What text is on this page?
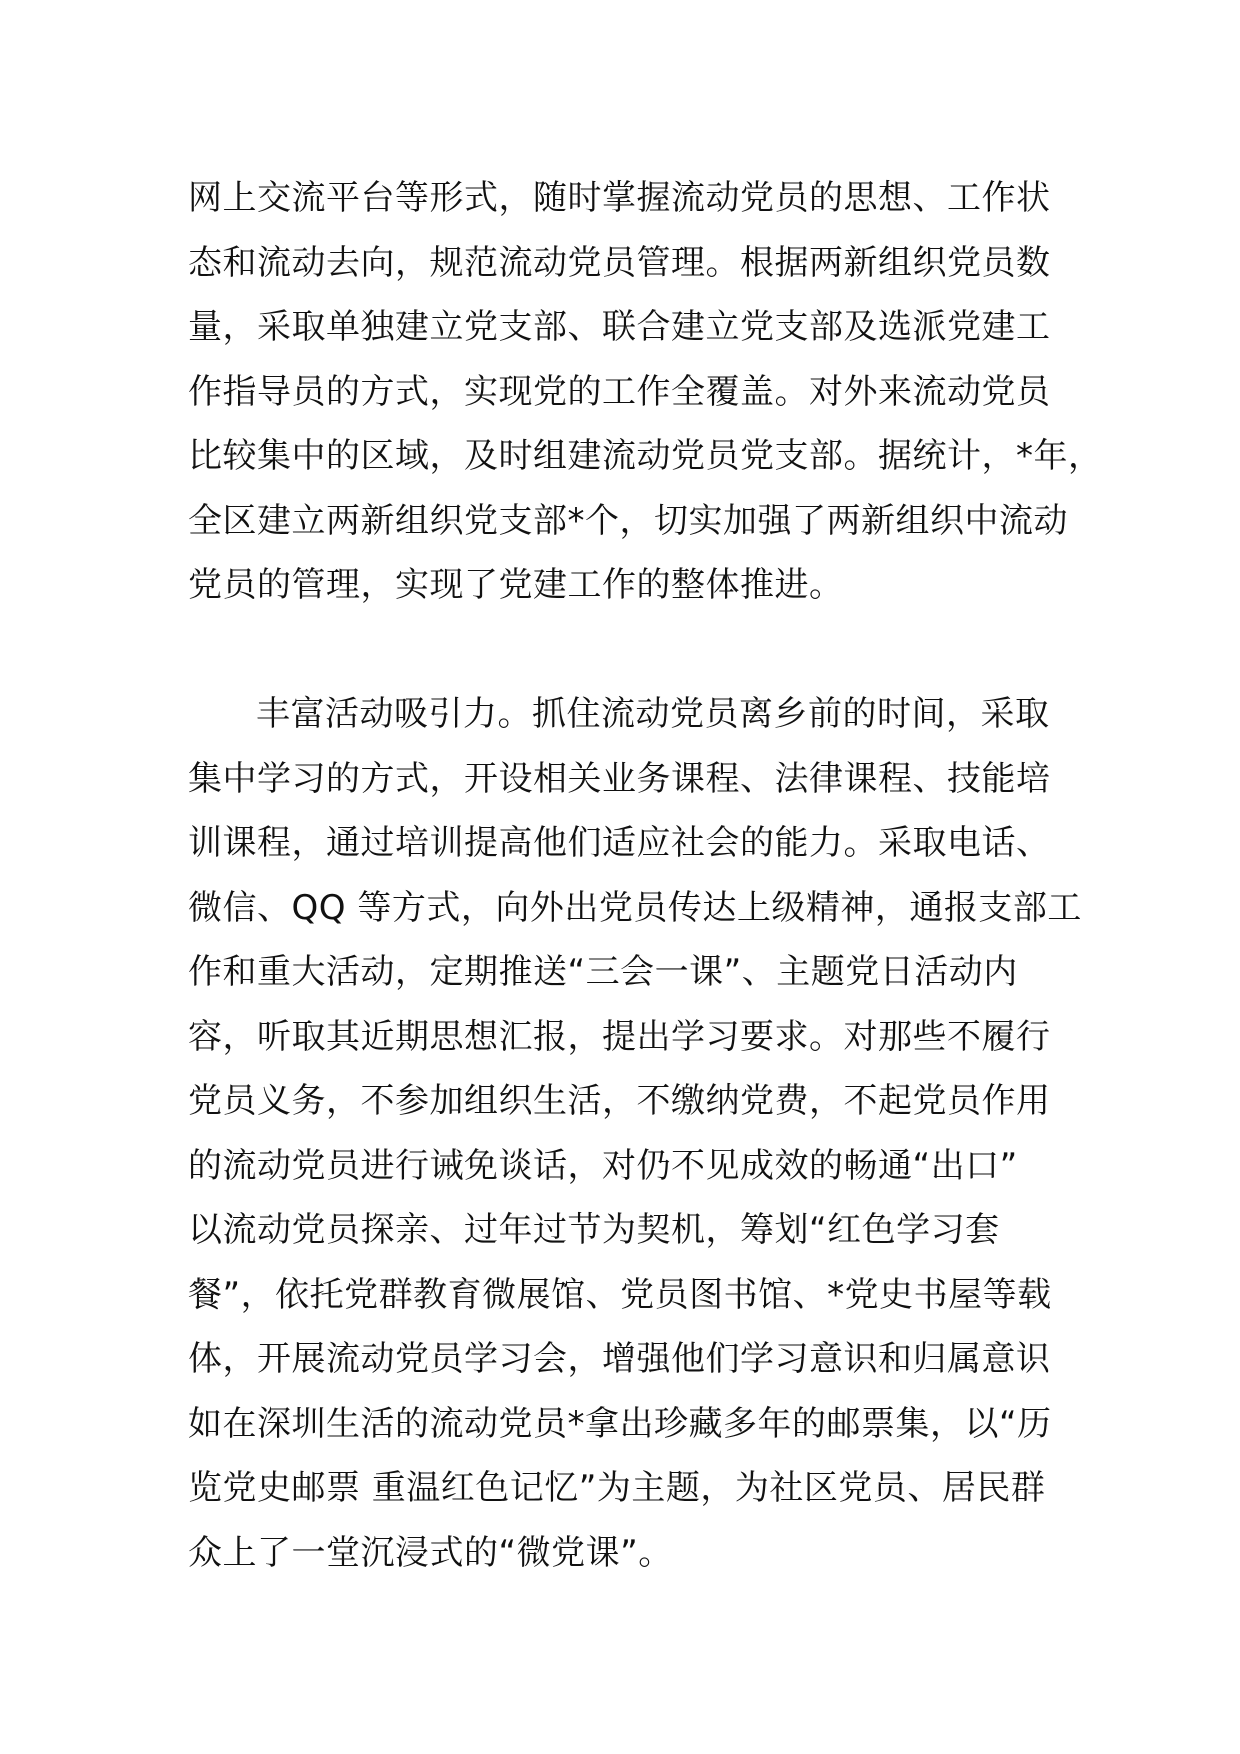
网上交流平台等形式，随时掌握流动党员的思想、工作状
态和流动去向，规范流动党员管理。根据两新组织党员数
量，采取单独建立党支部、联合建立党支部及选派党建工
作指导员的方式，实现党的工作全覆盖。对外来流动党员
比较集中的区域，及时组建流动党员党支部。据统计，*年，
全区建立两新组织党支部*个，切实加强了两新组织中流动
党员的管理，实现了党建工作的整体推进。
丰富活动吸引力。抓住流动党员离乡前的时间，采取
集中学习的方式，开设相关业务课程、法律课程、技能培
训课程，通过培训提高他们适应社会的能力。采取电话、
微信、QQ 等方式，向外出党员传达上级精神，通报支部工
作和重大活动，定期推送“三会一课”、主题党日活动内
容，听取其近期思想汇报，提出学习要求。对那些不履行
党员义务，不参加组织生活，不缴纳党费，不起党员作用
的流动党员进行诫免谈话，对仍不见成效的畅通“出口”
以流动党员探亲、过年过节为契机，筹划“红色学习套
餐”，依托党群教育微展馆、党员图书馆、*党史书屋等载
体，开展流动党员学习会，增强他们学习意识和归属意识
如在深圳生活的流动党员*拿出珍藏多年的邮票集，以“历
览党史邮票 重温红色记忆”为主题，为社区党员、居民群
众上了一堂沉浸式的“微党课”。
